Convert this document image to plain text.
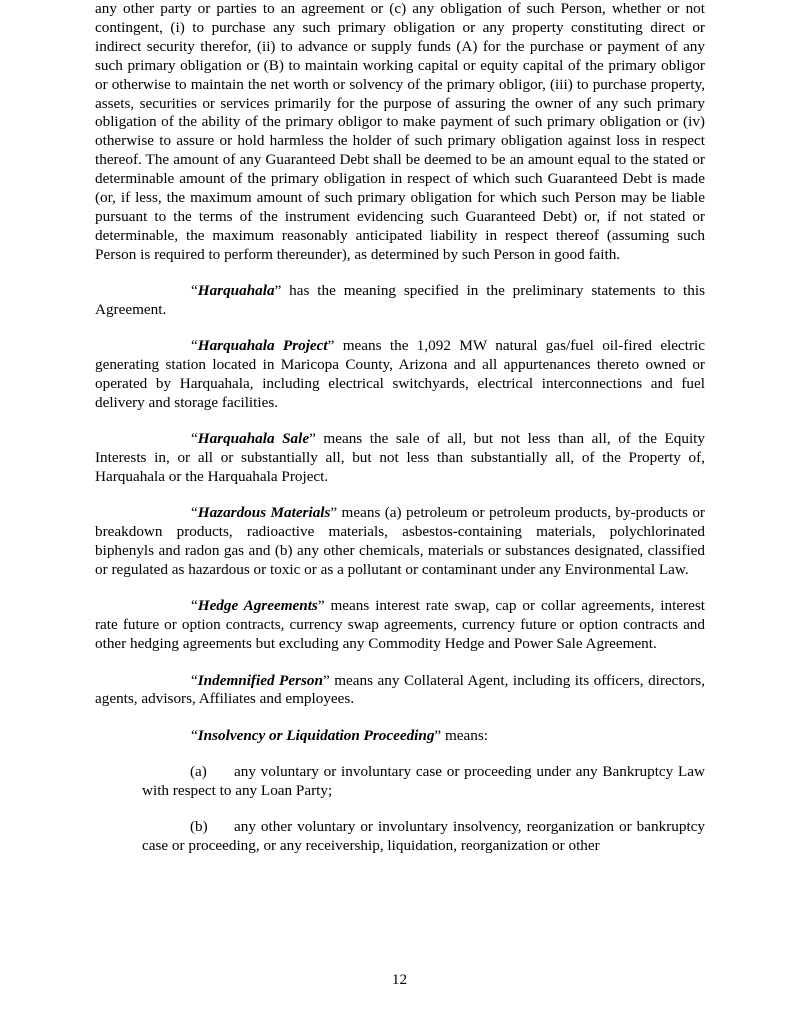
any other party or parties to an agreement or (c) any obligation of such Person, whether or not contingent, (i) to purchase any such primary obligation or any property constituting direct or indirect security therefor, (ii) to advance or supply funds (A) for the purchase or payment of any such primary obligation or (B) to maintain working capital or equity capital of the primary obligor or otherwise to maintain the net worth or solvency of the primary obligor, (iii) to purchase property, assets, securities or services primarily for the purpose of assuring the owner of any such primary obligation of the ability of the primary obligor to make payment of such primary obligation or (iv) otherwise to assure or hold harmless the holder of such primary obligation against loss in respect thereof. The amount of any Guaranteed Debt shall be deemed to be an amount equal to the stated or determinable amount of the primary obligation in respect of which such Guaranteed Debt is made (or, if less, the maximum amount of such primary obligation for which such Person may be liable pursuant to the terms of the instrument evidencing such Guaranteed Debt) or, if not stated or determinable, the maximum reasonably anticipated liability in respect thereof (assuming such Person is required to perform thereunder), as determined by such Person in good faith.

“Harquahala” has the meaning specified in the preliminary statements to this Agreement.

“Harquahala Project” means the 1,092 MW natural gas/fuel oil-fired electric generating station located in Maricopa County, Arizona and all appurtenances thereto owned or operated by Harquahala, including electrical switchyards, electrical interconnections and fuel delivery and storage facilities.

“Harquahala Sale” means the sale of all, but not less than all, of the Equity Interests in, or all or substantially all, but not less than substantially all, of the Property of, Harquahala or the Harquahala Project.

“Hazardous Materials” means (a) petroleum or petroleum products, by-products or breakdown products, radioactive materials, asbestos-containing materials, polychlorinated biphenyls and radon gas and (b) any other chemicals, materials or substances designated, classified or regulated as hazardous or toxic or as a pollutant or contaminant under any Environmental Law.

“Hedge Agreements” means interest rate swap, cap or collar agreements, interest rate future or option contracts, currency swap agreements, currency future or option contracts and other hedging agreements but excluding any Commodity Hedge and Power Sale Agreement.

“Indemnified Person” means any Collateral Agent, including its officers, directors, agents, advisors, Affiliates and employees.

“Insolvency or Liquidation Proceeding” means:

(a) any voluntary or involuntary case or proceeding under any Bankruptcy Law with respect to any Loan Party;

(b) any other voluntary or involuntary insolvency, reorganization or bankruptcy case or proceeding, or any receivership, liquidation, reorganization or other

12
